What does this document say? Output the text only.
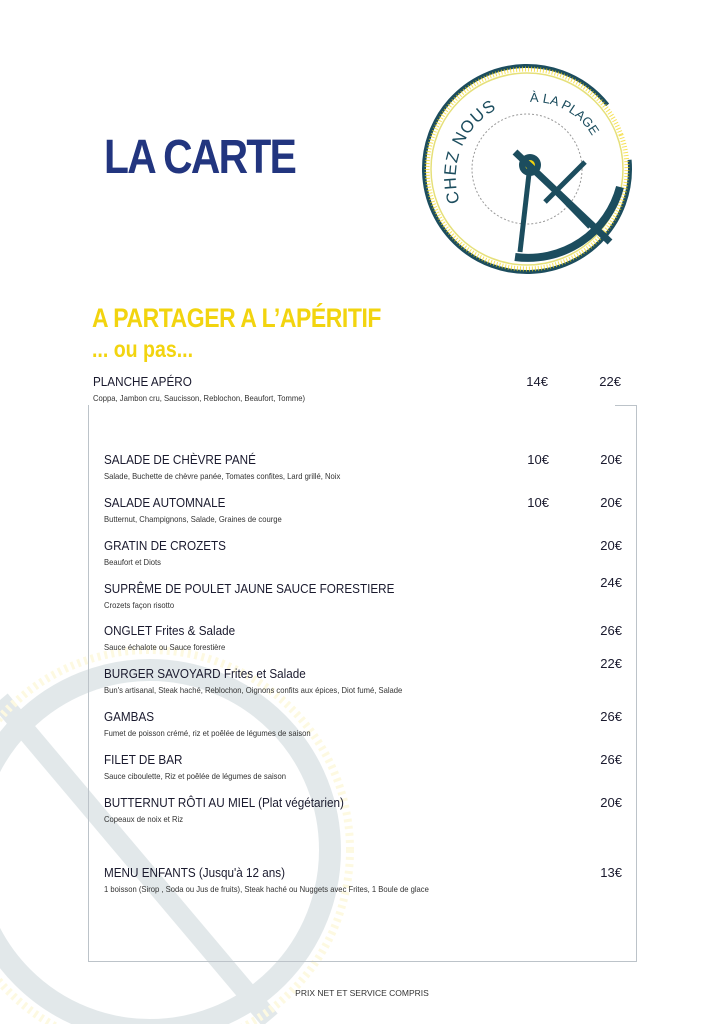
LA CARTE
CHEZ NOUS À LA PLAGE
A PARTAGER A L’APÉRITIF
... ou pas...
PLANCHE APÉRO
Coppa, Jambon cru, Saucisson, Reblochon, Beaufort, Tomme)
14€	22€
SALADE DE CHÈVRE PANÉ
Salade, Buchette de chèvre panée, Tomates confites, Lard grillé, Noix
10€	20€
SALADE AUTOMNALE
Butternut, Champignons, Salade, Graines de courge
10€	20€
GRATIN DE CROZETS
Beaufort et Diots
20€
SUPRÊME DE POULET JAUNE SAUCE FORESTIERE
Crozets façon risotto
24€
ONGLET Frites & Salade
Sauce échalote ou Sauce forestière
26€
BURGER SAVOYARD Frites et Salade
Bun's artisanal, Steak haché, Reblochon, Oignons confits aux épices, Diot fumé, Salade
22€
GAMBAS
Fumet de poisson crémé, riz et poêlée de légumes de saison
26€
FILET DE BAR
Sauce ciboulette, Riz et poêlée de légumes de saison
26€
BUTTERNUT RÔTI AU MIEL (Plat végétarien)
Copeaux de noix et Riz
20€
MENU ENFANTS (Jusqu'à 12 ans)
1 boisson (Sirop , Soda ou Jus de fruits), Steak haché ou Nuggets avec Frites, 1 Boule de glace
13€
PRIX NET ET SERVICE COMPRIS
